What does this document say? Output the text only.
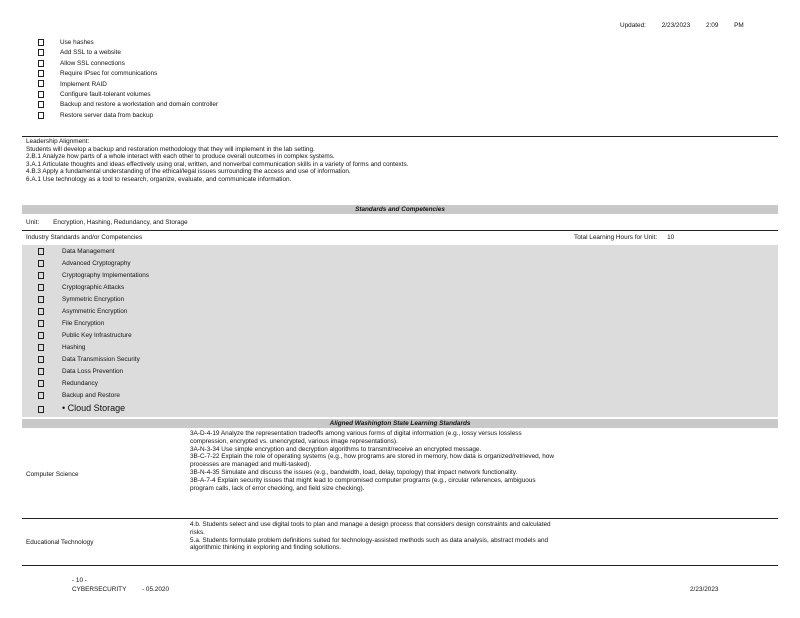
Updated: 2/23/2023 2:09 PM
Use hashes
Add SSL to a website
Allow SSL connections
Require IPsec for communications
Implement RAID
Configure fault-tolerant volumes
Backup and restore a workstation and domain controller
Restore server data from backup
Leadership Alignment:
Students will develop a backup and restoration methodology that they will implement in the lab setting.
2.B.1 Analyze how parts of a whole interact with each other to produce overall outcomes in complex systems.
3.A.1 Articulate thoughts and ideas effectively using oral, written, and nonverbal communication skills in a variety of forms and contexts.
4.B.3 Apply a fundamental understanding of the ethical/legal issues surrounding the access and use of information.
6.A.1 Use technology as a tool to research, organize, evaluate, and communicate information.
Standards and Competencies
Unit: Encryption, Hashing, Redundancy, and Storage
Industry Standards and/or Competencies	Total Learning Hours for Unit: 10
Data Management
Advanced Cryptography
Cryptography Implementations
Cryptographic Attacks
Symmetric Encryption
Asymmetric Encryption
File Encryption
Public Key Infrastructure
Hashing
Data Transmission Security
Data Loss Prevention
Redundancy
Backup and Restore
• Cloud Storage
Aligned Washington State Learning Standards
Computer Science
3A-D-4-19 Analyze the representation tradeoffs among various forms of digital information (e.g., lossy versus lossless
compression, encrypted vs. unencrypted, various image representations).
3A-N-3-34 Use simple encryption and decryption algorithms to transmit/receive an encrypted message.
3B-C-7-22 Explain the role of operating systems (e.g., how programs are stored in memory, how data is organized/retrieved, how
processes are managed and multi-tasked).
3B-N-4-35 Simulate and discuss the issues (e.g., bandwidth, load, delay, topology) that impact network functionality.
3B-A-7-4 Explain security issues that might lead to compromised computer programs (e.g., circular references, ambiguous
program calls, lack of error checking, and field size checking).
Educational Technology
4.b. Students select and use digital tools to plan and manage a design process that considers design constraints and calculated
risks.
5.a. Students formulate problem definitions suited for technology-assisted methods such as data analysis, abstract models and
algorithmic thinking in exploring and finding solutions.
- 10 -
CYBERSECURITY - 05.2020	2/23/2023
